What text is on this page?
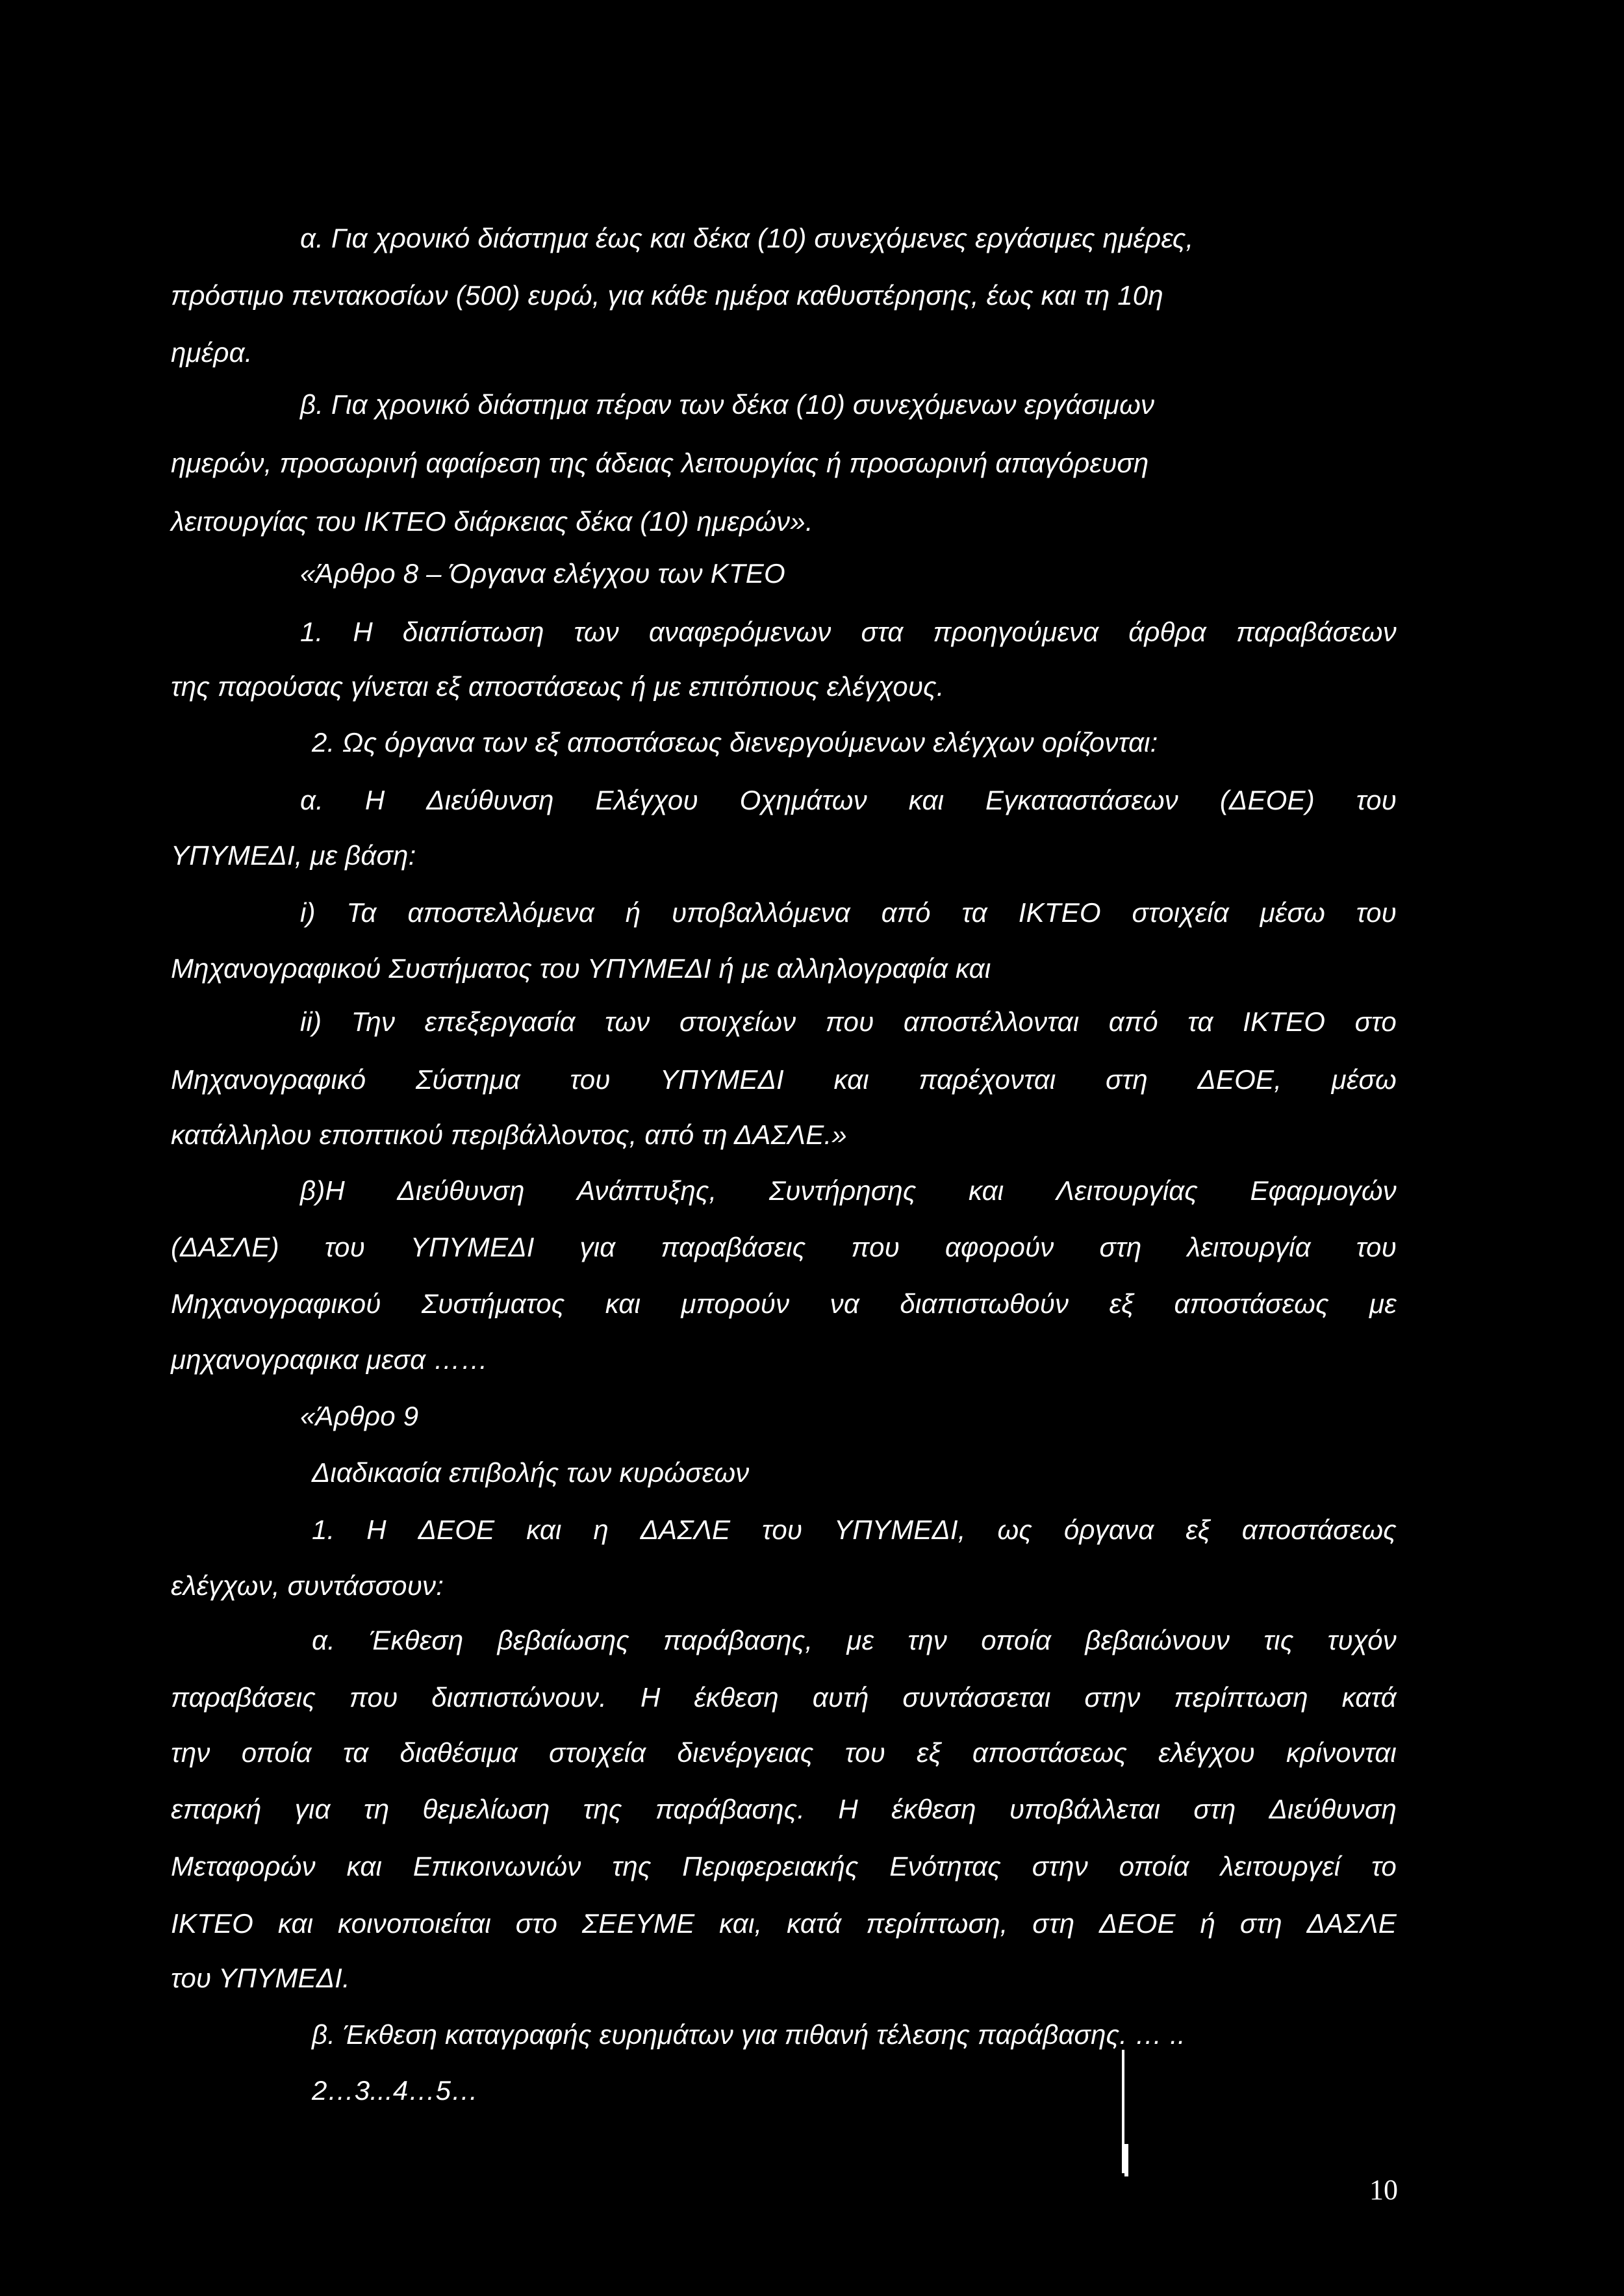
α. Για χρονικό διάστημα έως και δέκα (10) συνεχόμενες εργάσιμες ημέρες,
πρόστιμο πεντακοσίων (500) ευρώ, για κάθε ημέρα καθυστέρησης, έως και τη 10η
ημέρα.
β. Για χρονικό διάστημα πέραν των δέκα (10) συνεχόμενων εργάσιμων
ημερών, προσωρινή αφαίρεση της άδειας λειτουργίας ή προσωρινή απαγόρευση
λειτουργίας του ΙΚΤΕΟ διάρκειας δέκα (10) ημερών».
«Άρθρο 8 – Όργανα ελέγχου των ΚΤΕΟ
1. Η διαπίστωση των αναφερόμενων στα προηγούμενα άρθρα παραβάσεων
της παρούσας γίνεται εξ αποστάσεως ή με επιτόπιους ελέγχους.
2. Ως όργανα των εξ αποστάσεως διενεργούμενων ελέγχων ορίζονται:
α. Η Διεύθυνση Ελέγχου Οχημάτων και Εγκαταστάσεων (ΔΕΟΕ) του
ΥΠΥΜΕΔΙ, με βάση:
i) Τα αποστελλόμενα ή υποβαλλόμενα από τα ΙΚΤΕΟ στοιχεία μέσω του
Μηχανογραφικού Συστήματος του ΥΠΥΜΕΔΙ ή με αλληλογραφία και
ii) Την επεξεργασία των στοιχείων που αποστέλλονται από τα ΙΚΤΕΟ στο
Μηχανογραφικό Σύστημα του ΥΠΥΜΕΔΙ και παρέχονται στη ΔΕΟΕ, μέσω
κατάλληλου εποπτικού περιβάλλοντος, από τη ΔΑΣΛΕ.»
β)Η Διεύθυνση Ανάπτυξης, Συντήρησης και Λειτουργίας Εφαρμογών
(ΔΑΣΛΕ) του ΥΠΥΜΕΔΙ για παραβάσεις που αφορούν στη λειτουργία του
Μηχανογραφικού Συστήματος και μπορούν να διαπιστωθούν εξ αποστάσεως με
μηχανογραφικα μεσα ……
«Άρθρο 9
Διαδικασία επιβολής των κυρώσεων
1. Η ΔΕΟΕ και η ΔΑΣΛΕ του ΥΠΥΜΕΔΙ, ως όργανα εξ αποστάσεως
ελέγχων, συντάσσουν:
α. Έκθεση βεβαίωσης παράβασης, με την οποία βεβαιώνουν τις τυχόν
παραβάσεις που διαπιστώνουν. Η έκθεση αυτή συντάσσεται στην περίπτωση κατά
την οποία τα διαθέσιμα στοιχεία διενέργειας του εξ αποστάσεως ελέγχου κρίνονται
επαρκή για τη θεμελίωση της παράβασης. Η έκθεση υποβάλλεται στη Διεύθυνση
Μεταφορών και Επικοινωνιών της Περιφερειακής Ενότητας στην οποία λειτουργεί το
ΙΚΤΕΟ και κοινοποιείται στο ΣΕΕΥΜΕ και, κατά περίπτωση, στη ΔΕΟΕ ή στη ΔΑΣΛΕ
του ΥΠΥΜΕΔΙ.
β. Έκθεση καταγραφής ευρημάτων για πιθανή τέλεσης παράβασης. … ..
2…3...4…5…
10
